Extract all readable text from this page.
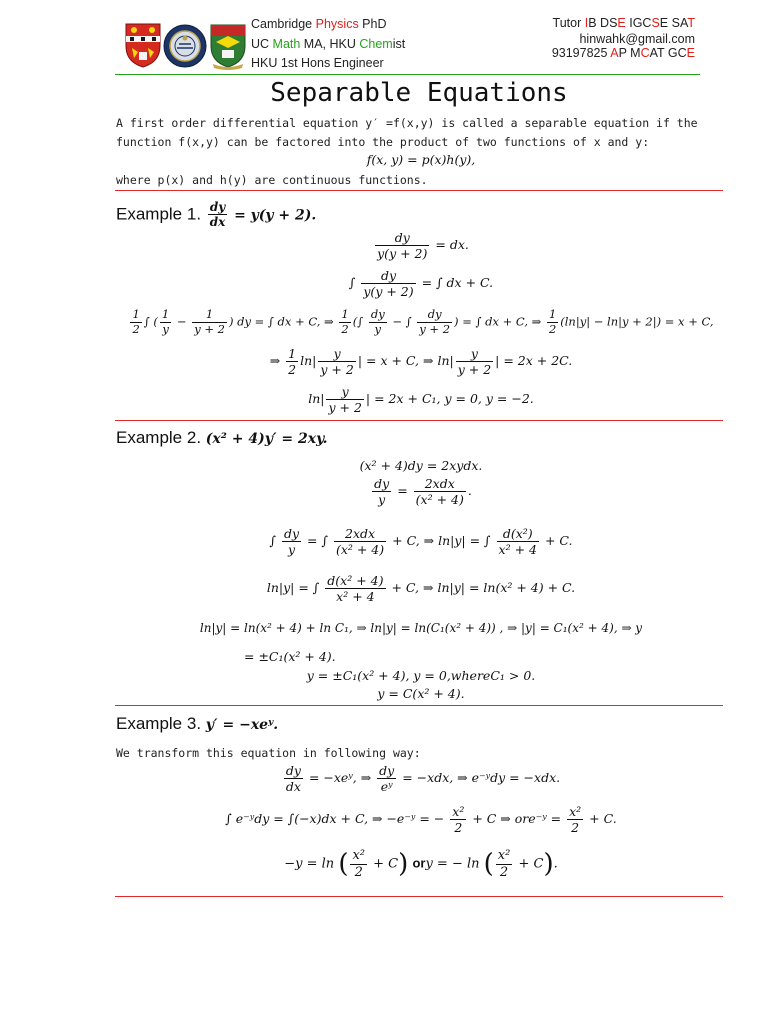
Cambridge Physics PhD
UC Math MA, HKU Chemist
HKU 1st Hons Engineer
Tutor IB DSE IGCSE SAT
hinwahk@gmail.com
93197825 AP MCAT GCE
Separable Equations
A first order differential equation y′ =f(x,y) is called a separable equation if the
function f(x,y) can be factored into the product of two functions of x and y:
f(x, y) = p(x)h(y),
where p(x) and h(y) are continuous functions.
Example 1. $\frac{dy}{dx} = y(y + 2)$.
$\frac{dy}{y(y + 2)}$ = dx.
∫ $\frac{dy}{y(y + 2)}$ = ∫ dx + C.
$\frac{1}{2}$ ∫ ( $\frac{1}{y} - \frac{1}{y + 2}$ ) dy = ∫ dx + C, ⇒ $\frac{1}{2}$ (∫ $\frac{dy}{y}$ − ∫ $\frac{dy}{y + 2}$ ) = ∫ dx + C, ⇒ $\frac{1}{2} (\ln|y| - \ln|y + 2|) = x + C$,
⇒ $\frac{1}{2} \ln| \frac{y}{y + 2}$ | = x + C, ⇒ $\ln| \frac{y}{y + 2}$ | = 2x + 2C.
$\ln| \frac{y}{y + 2}$ | = 2x + C₁, y = 0, y = −2.
Example 2. (x² + 4)y′ = 2xy.
(x² + 4)dy = 2xydx.
$\frac{dy}{y} = \frac{\text{2xdx}}{\text{(x² + 4)}}$ .
∫ $\frac{dy}{y}$ = ∫ $\frac{\text{2xdx}}{\text{(x² + 4)}} + C$, ⇒ ln|y| = ∫ $\frac{\text{d(x²)}}{\text{x² + 4}} + C$.
ln|y| = ∫ $\frac{\text{d(x² + 4)}}{\text{x² + 4}} + C$, ⇒ ln|y| = ln(x² + 4) + C.
ln|y| = ln(x² + 4) + ln C₁, ⇒ ln|y| = ln(C₁(x² + 4)) , ⇒ |y| = C₁(x² + 4), ⇒ y
= ±C₁(x² + 4).
y = ±C₁(x² + 4), y = 0,whereC₁ > 0.
y = C(x² + 4).
Example 3. y′ = −xeʸ.
We transform this equation in following way:
$\frac{dy}{dx}$ = −xeʸ, ⇒ $\frac{dy}{\text{eʸ}} = -xdx$, ⇒ e⁻ʸdy = −xdx.
∫ e⁻ʸdy = ∫(−x)dx + C, ⇒ −e⁻ʸ = − $\frac{\text{x²}}{2} + C$ ⇒ ore⁻ʸ = $\frac{\text{x²}}{2} + C$.
−y = ln ( $\frac{\text{x²}}{2} + C$) ory = − ln ( $\frac{\text{x²}}{2} + C$).
